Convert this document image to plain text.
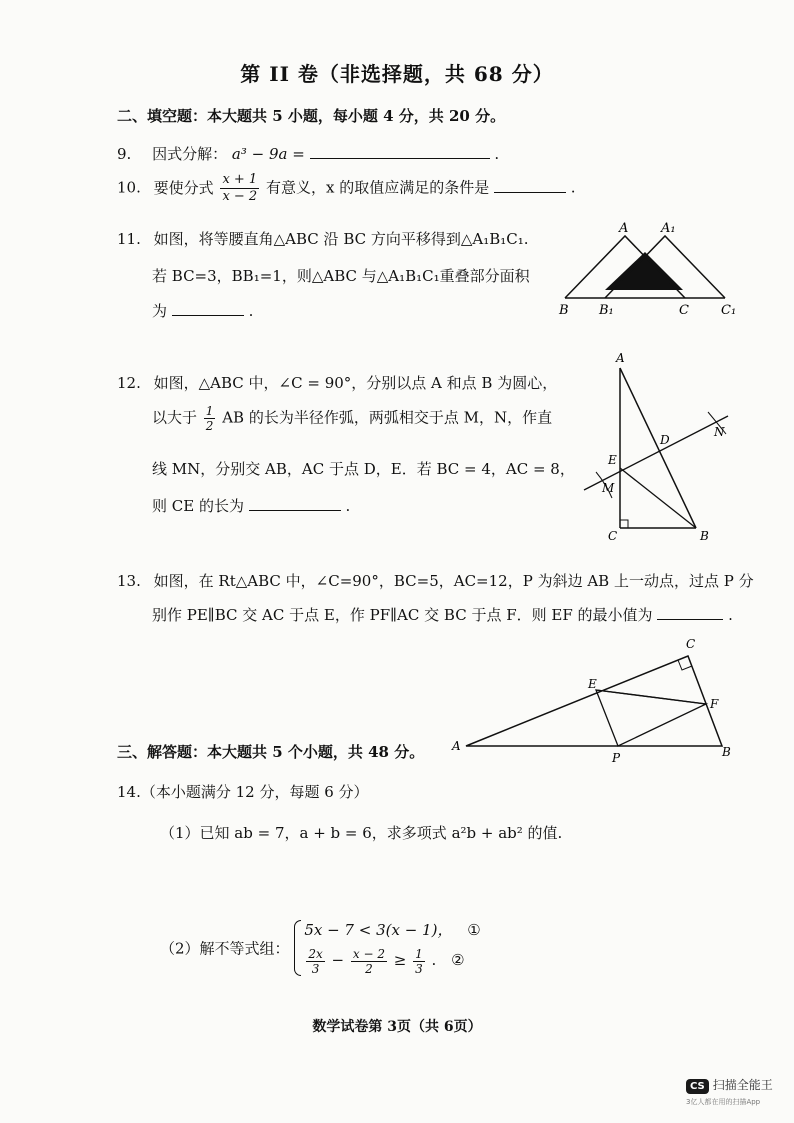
第 II 卷（非选择题，共 68 分）
二、填空题：本大题共 5 小题，每小题 4 分，共 20 分。
9. 因式分解： a³ − 9a =	.
10. 要使分式 $\frac{x + 1}{x - 2}$ 有意义，x 的取值应满足的条件是	.
11. 如图，将等腰直角△ABC 沿 BC 方向平移得到△A₁B₁C₁.
若 BC=3，BB₁=1，则△ABC 与△A₁B₁C₁重叠部分面积
为	.
A	A₁
B B₁	C C₁
12. 如图，△ABC 中，∠C = 90°，分别以点 A 和点 B 为圆心，
以大于 $\frac{1}{2}$ AB 的长为半径作弧，两弧相交于点 M，N，作直
线 MN，分别交 AB，AC 于点 D，E．若 BC = 4，AC = 8，
则 CE 的长为	.
A
B
C
D
E
M
N
13. 如图，在 Rt△ABC 中，∠C=90°，BC=5，AC=12，P 为斜边 AB 上一动点，过点 P 分
别作 PE∥BC 交 AC 于点 E，作 PF∥AC 交 BC 于点 F．则 EF 的最小值为	.
A	B
C
E
F
P
三、解答题：本大题共 5 个小题，共 48 分。
14.（本小题满分 12 分，每题 6 分）
（1）已知 ab = 7，a + b = 6，求多项式 a²b + ab² 的值.
（2）解不等式组：
5x − 7 < 3(x − 1)， ①
$\frac{2x}{3} - \frac{x - 2}{2} \ge \frac{1}{3}$ . ②
数学试卷第 3页（共 6页）
CS 扫描全能王
3亿人都在用的扫描App
